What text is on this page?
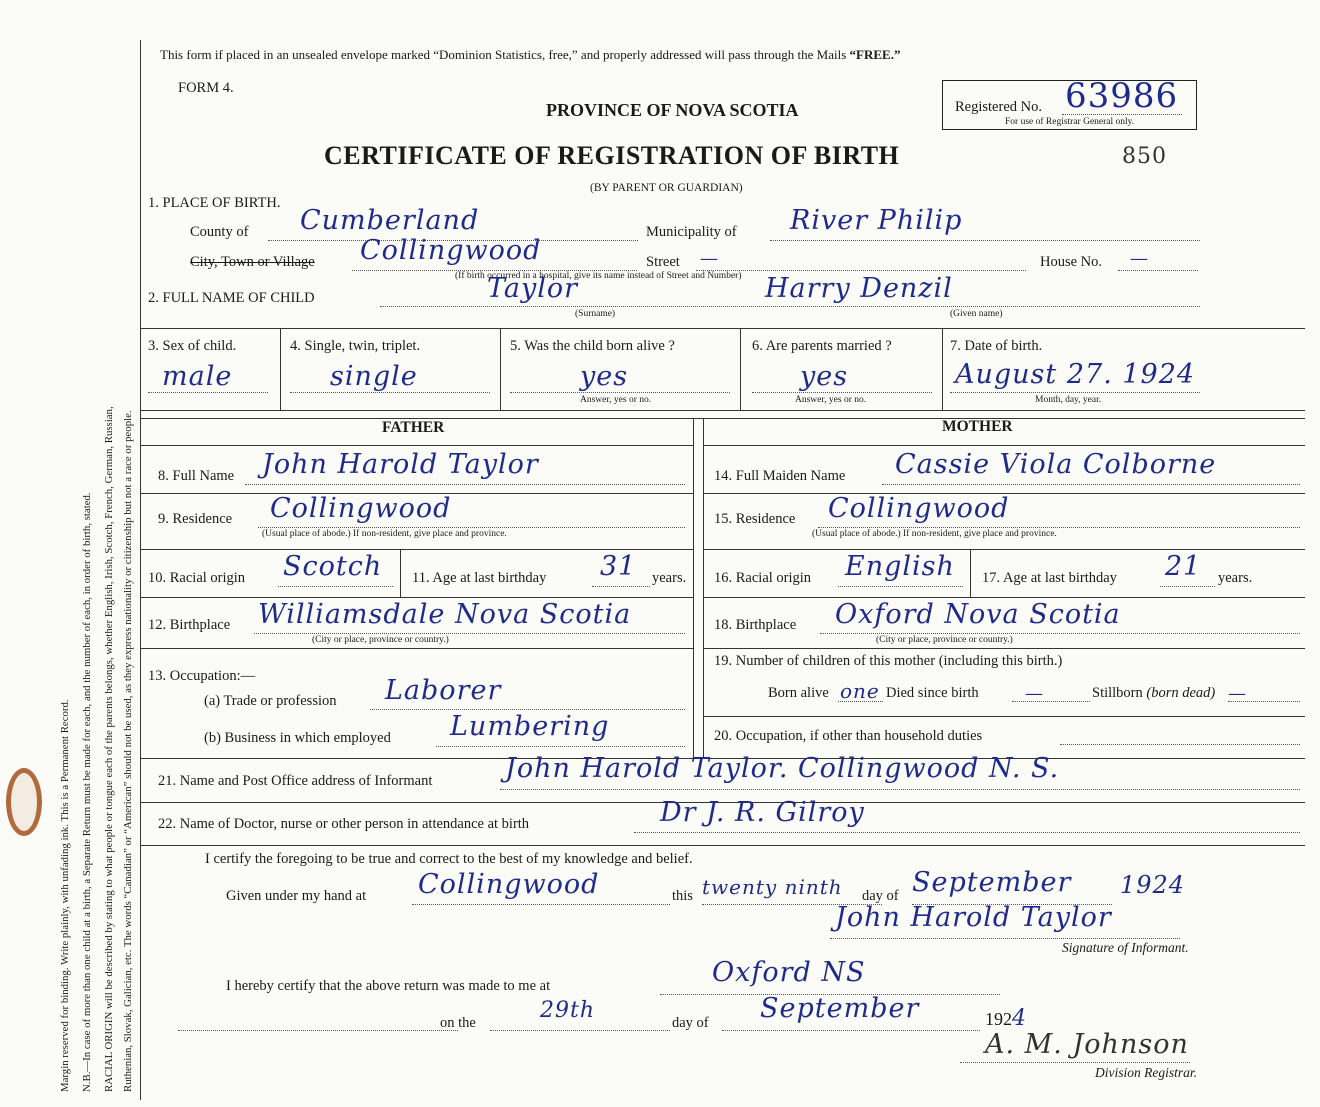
Margin reserved for binding. Write plainly, with unfading ink. This is a Permanent Record. N.B.—In case of more than one child at a birth, a Separate Return must be made for each, and the number of each, in order of birth, stated. RACIAL ORIGIN will be described by stating to what people or tongue each of the parents belongs, whether English, Irish, Scotch, French, German, Russian, Ruthenian, Slovak, Galician, etc. The words “Canadian” or “American” should not be used, as they express nationality or citizenship but not a race or people.
This form if placed in an unsealed envelope marked “Dominion Statistics, free,” and properly addressed will pass through the Mails “FREE.”
FORM 4.
PROVINCE OF NOVA SCOTIA	Registered No. 63986
For use of Registrar General only.
CERTIFICATE OF REGISTRATION OF BIRTH	850
(BY PARENT OR GUARDIAN)
1. PLACE OF BIRTH.
County of Cumberland	Municipality of River Philip
City, Town or Village Collingwood	Street —
(If birth occurred in a hospital, give its name instead of Street and Number)
House No. —
2. FULL NAME OF CHILD	Taylor
(Surname)
Harry Denzil
(Given name)
3. Sex of child.
male
4. Single, twin, triplet.
single
5. Was the child born alive ?
yes
Answer, yes or no.
6. Are parents married ?
yes
Answer, yes or no.
7. Date of birth.
August 27. 1924
Month, day, year.
FATHER	MOTHER
8. Full Name John Harold Taylor
9. Residence Collingwood
(Usual place of abode.) If non-resident, give place and province.
10. Racial origin Scotch 11. Age at last birthday 31 years.
12. Birthplace Williamsdale Nova Scotia
(City or place, province or country.)
13. Occupation:—
(a) Trade or profession Laborer
(b) Business in which employed Lumbering
14. Full Maiden Name Cassie Viola Colborne
15. Residence Collingwood
(Usual place of abode.) If non-resident, give place and province.
16. Racial origin English 17. Age at last birthday 21 years.
18. Birthplace Oxford Nova Scotia
(City or place, province or country.)
19. Number of children of this mother (including this birth.)
Born alive one Died since birth	—	Stillborn (born dead) —
20. Occupation, if other than household duties
21. Name and Post Office address of Informant	John Harold Taylor. Collingwood N. S.
22. Name of Doctor, nurse or other person in attendance at birth	Dr J. R. Gilroy
I certify the foregoing to be true and correct to the best of my knowledge and belief.
Given under my hand at Collingwood	this twenty ninth day of September 1924
John Harold Taylor
Signature of Informant.
I hereby certify that the above return was made to me at	Oxford NS
on the	29th	day of September	1924
A. M. Johnson
Division Registrar.
